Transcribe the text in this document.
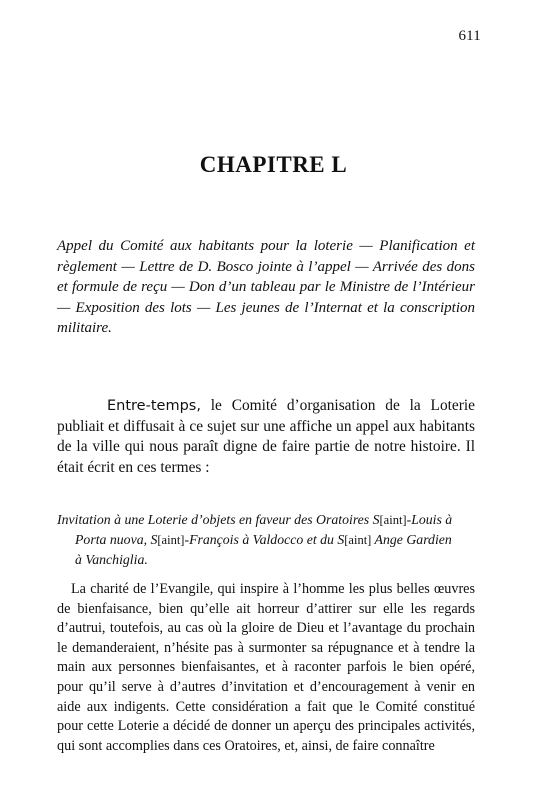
611
CHAPITRE L
Appel du Comité aux habitants pour la loterie — Planification et règlement — Lettre de D. Bosco jointe à l’appel — Arrivée des dons et formule de reçu — Don d’un tableau par le Ministre de l’Intérieur — Exposition des lots — Les jeunes de l’Internat et la conscription militaire.

Entre-temps, le Comité d’organisation de la Loterie publiait et diffusait à ce sujet sur une affiche un appel aux habitants de la ville qui nous paraît digne de faire partie de notre histoire. Il était écrit en ces termes :

Invitation à une Loterie d’objets en faveur des Oratoires S[aint]-Louis à
Porta nuova, S[aint]-François à Valdocco et du S[aint] Ange Gardien
à Vanchiglia.

La charité de l’Evangile, qui inspire à l’homme les plus belles œuvres de bienfaisance, bien qu’elle ait horreur d’attirer sur elle les regards d’autrui, toutefois, au cas où la gloire de Dieu et l’avantage du prochain le demanderaient, n’hésite pas à surmonter sa répugnance et à tendre la main aux personnes bienfaisantes, et à raconter parfois le bien opéré, pour qu’il serve à d’autres d’invitation et d’encouragement à venir en aide aux indigents. Cette considération a fait que le Comité constitué pour cette Loterie a décidé de donner un aperçu des principales activités, qui sont accomplies dans ces Oratoires, et, ainsi, de faire connaître
